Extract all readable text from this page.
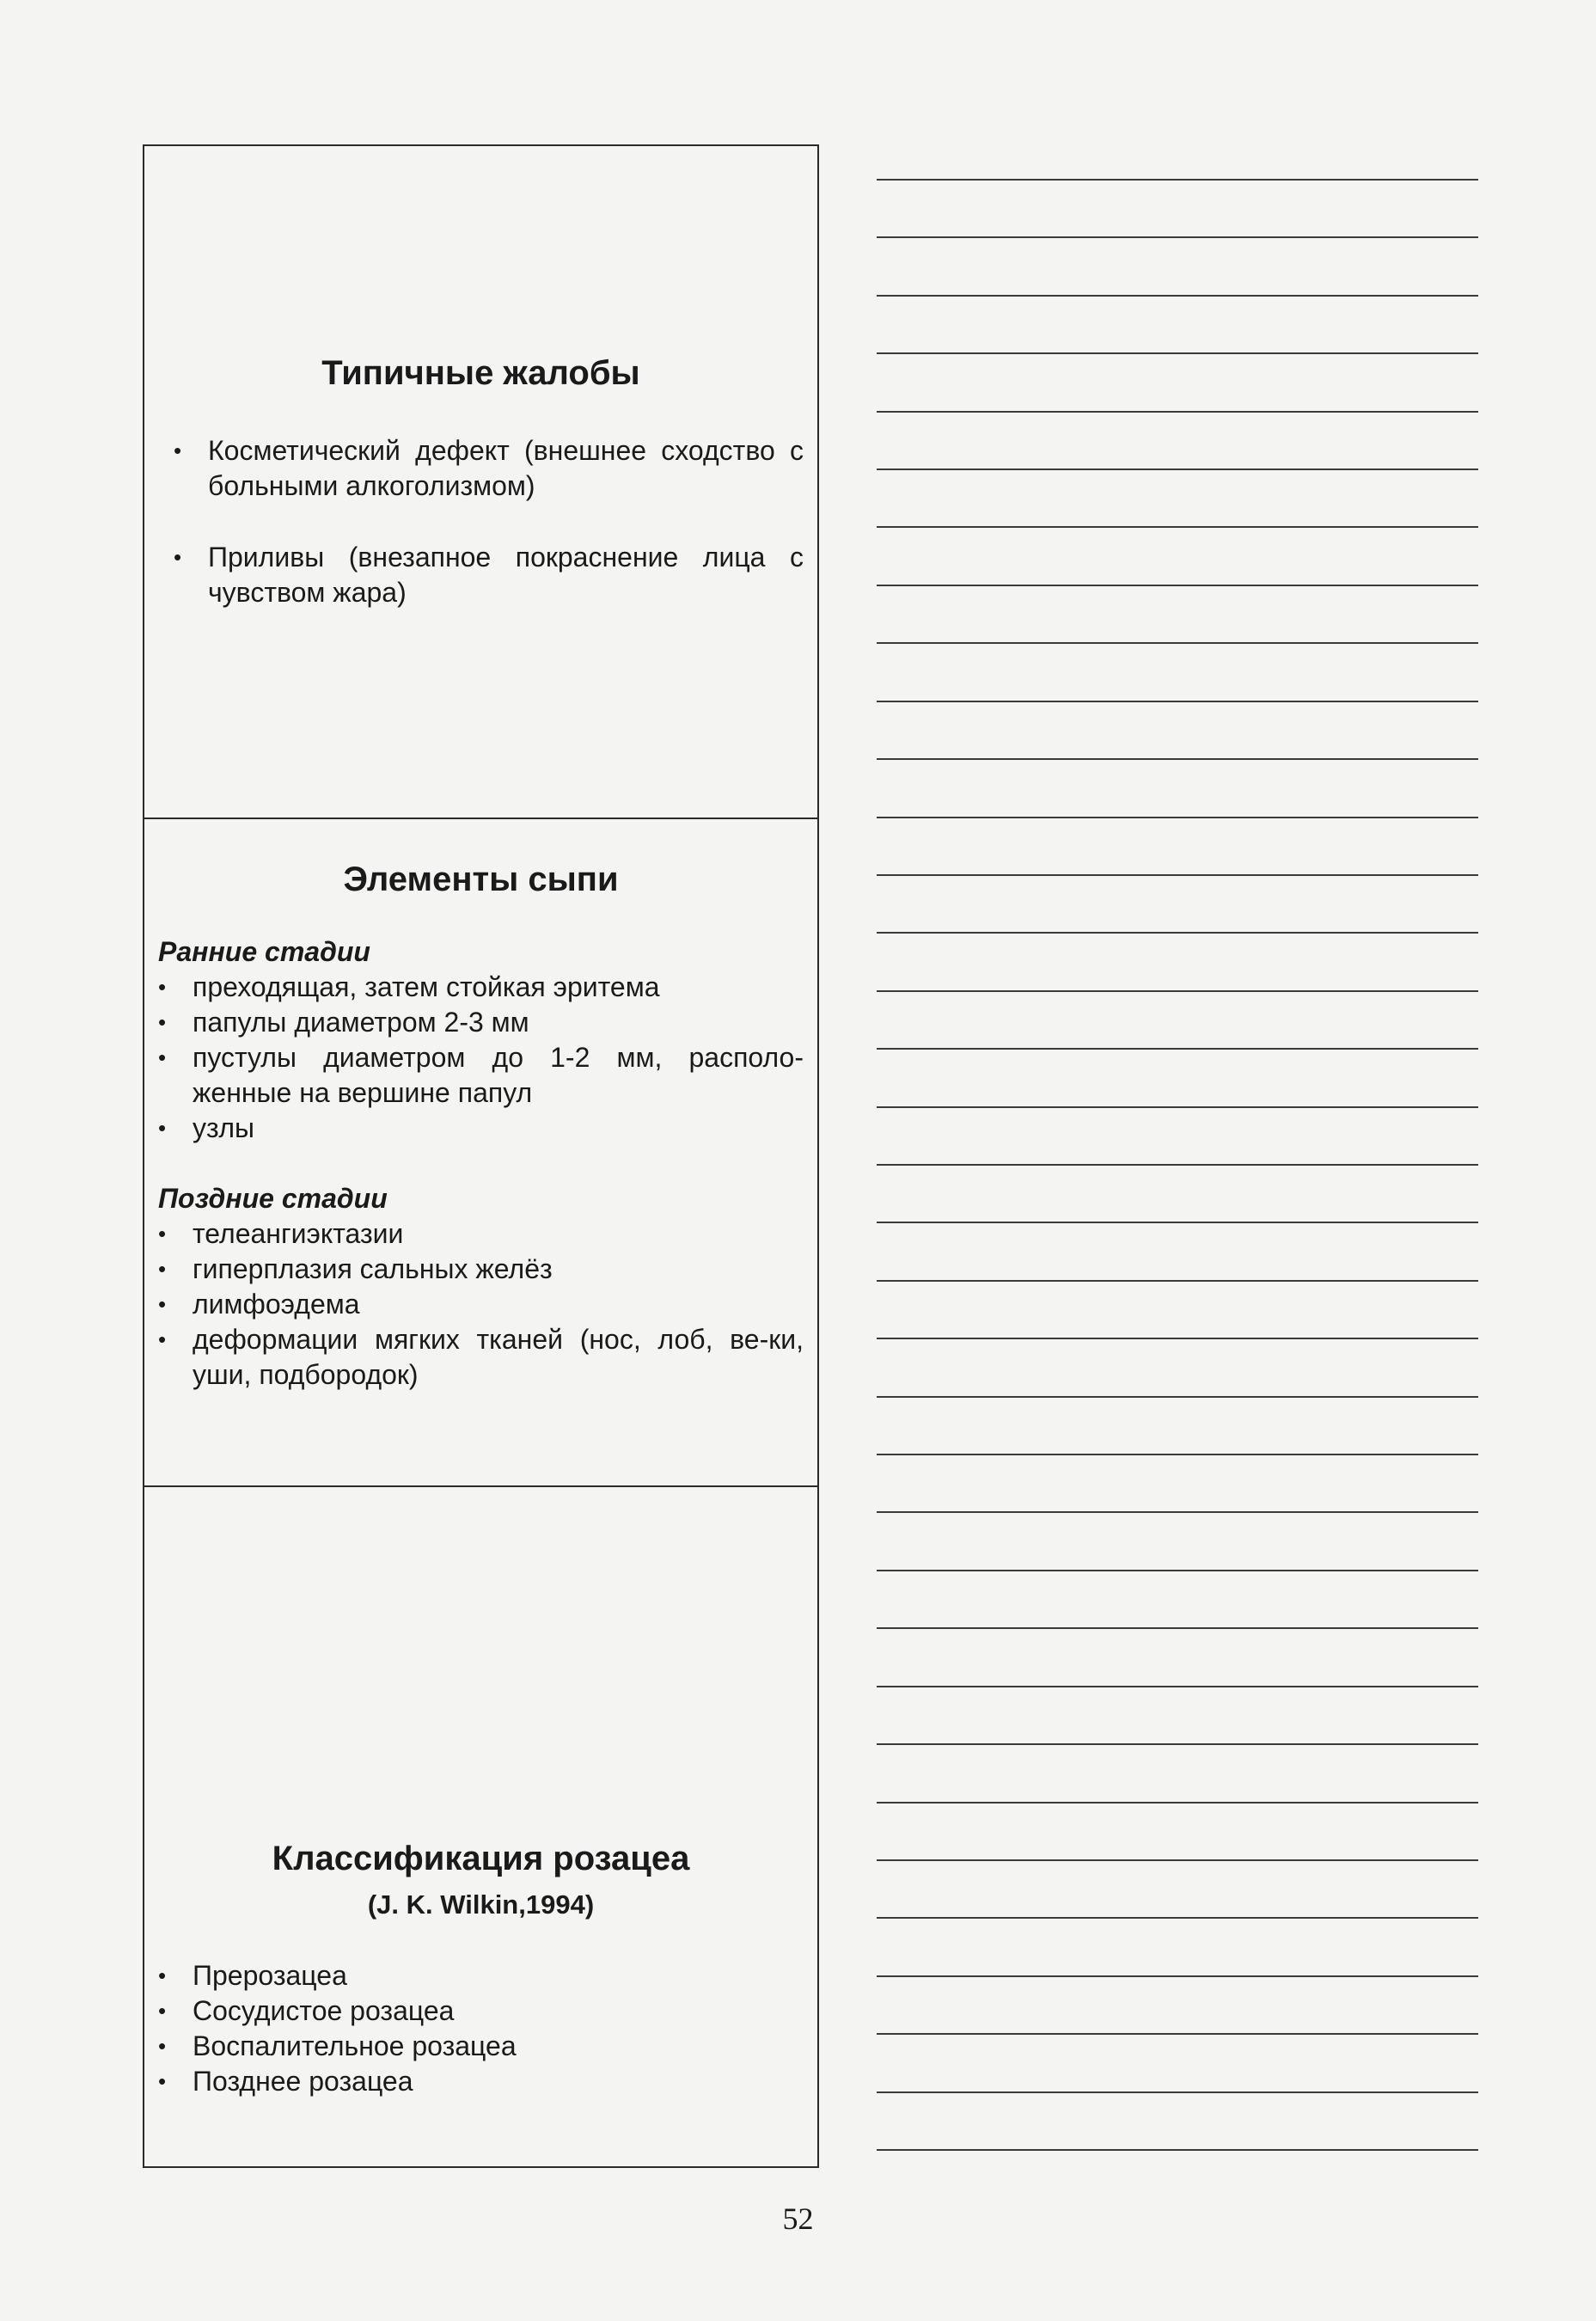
Типичные жалобы
• Косметический дефект (внешнее сходство с больными алкоголизмом)
• Приливы (внезапное покраснение лица с чувством жара)
Элементы сыпи
Ранние стадии
• преходящая, затем стойкая эритема
• папулы диаметром 2-3 мм
• пустулы диаметром до 1-2 мм, располо-женные на вершине папул
• узлы
Поздние стадии
• телеангиэктазии
• гиперплазия сальных желёз
• лимфоэдема
• деформации мягких тканей (нос, лоб, ве-ки, уши, подбородок)
Классификация розацеа
(J. K. Wilkin,1994)
• Прерозацеа
• Сосудистое розацеа
• Воспалительное розацеа
• Позднее розацеа
52
